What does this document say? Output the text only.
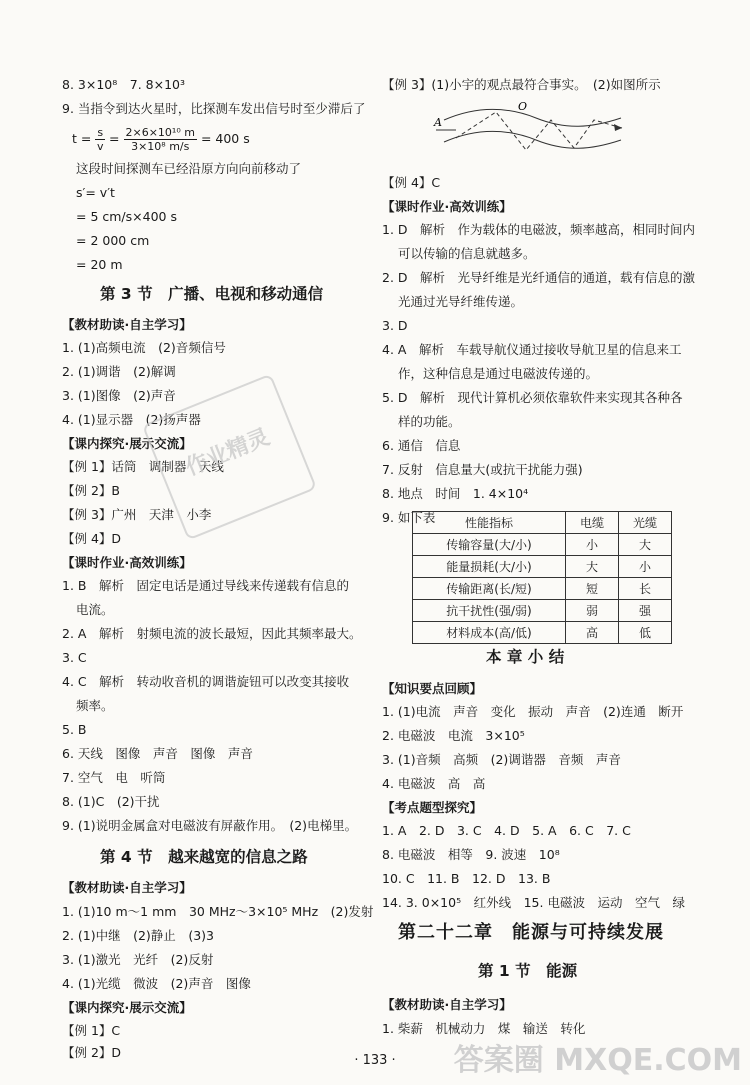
8. 3×10⁸　7. 8×10³
9. 当指令到达火星时，比探测车发出信号时至少滞后了
$t = \frac{s}{v} = \frac{\text{2×6×10¹⁰ m}}{\text{3×10⁸ m/s}} = 400$ s
这段时间探测车已经沿原方向向前移动了
s′= v′t
= 5 cm/s×400 s
= 2 000 cm
= 20 m
第 3 节　广播、电视和移动通信
【教材助读·自主学习】
1. (1)高频电流　(2)音频信号
2. (1)调谐　(2)解调
3. (1)图像　(2)声音
4. (1)显示器　(2)扬声器
【课内探究·展示交流】
【例 1】话筒　调制器　天线
【例 2】B
【例 3】广州　天津　小李
【例 4】D
【课时作业·高效训练】
1. B　解析　固定电话是通过导线来传递载有信息的
电流。
2. A　解析　射频电流的波长最短，因此其频率最大。
3. C
4. C　解析　转动收音机的调谐旋钮可以改变其接收
频率。
5. B
6. 天线　图像　声音　图像　声音
7. 空气　电　听筒
8. (1)C　(2)干扰
9. (1)说明金属盒对电磁波有屏蔽作用。　(2)电梯里。
第 4 节　越来越宽的信息之路
【教材助读·自主学习】
1. (1)10 m～1 mm　30 MHz～3×10⁵ MHz　(2)发射
2. (1)中继　(2)静止　(3)3
3. (1)激光　光纤　(2)反射
4. (1)光缆　微波　(2)声音　图像
【课内探究·展示交流】
【例 1】C
【例 2】D
作业精灵
【例 3】(1)小宇的观点最符合事实。　(2)如图所示
A
O
【例 4】C
【课时作业·高效训练】
1. D　解析　作为载体的电磁波，频率越高，相同时间内
可以传输的信息就越多。
2. D　解析　光导纤维是光纤通信的通道，载有信息的激
光通过光导纤维传递。
3. D
4. A　解析　车载导航仪通过接收导航卫星的信息来工
作，这种信息是通过电磁波传递的。
5. D　解析　现代计算机必须依靠软件来实现其各种各
样的功能。
6. 通信　信息
7. 反射　信息量大(或抗干扰能力强)
8. 地点　时间　1. 4×10⁴
9. 如下表 性能指标	电缆	光缆
传输容量(大/小)	小	大
能量损耗(大/小)	大	小
传输距离(长/短)	短	长
抗干扰性(强/弱)	弱	强
材料成本(高/低)	高	低
本 章 小 结
【知识要点回顾】
1. (1)电流　声音　变化　振动　声音　(2)连通　断开
2. 电磁波　电流　3×10⁵
3. (1)音频　高频　(2)调谐器　音频　声音
4. 电磁波　高　高
【考点题型探究】
1. A　2. D　3. C　4. D　5. A　6. C　7. C
8. 电磁波　相等　9. 波速　10⁸
10. C　11. B　12. D　13. B
14. 3. 0×10⁵　红外线　15. 电磁波　运动　空气　绿
第二十二章　能源与可持续发展
第 1 节　能源
【教材助读·自主学习】
1. 柴薪　机械动力　煤　输送　转化
· 133 ·	答案圈 MXQE.COM
